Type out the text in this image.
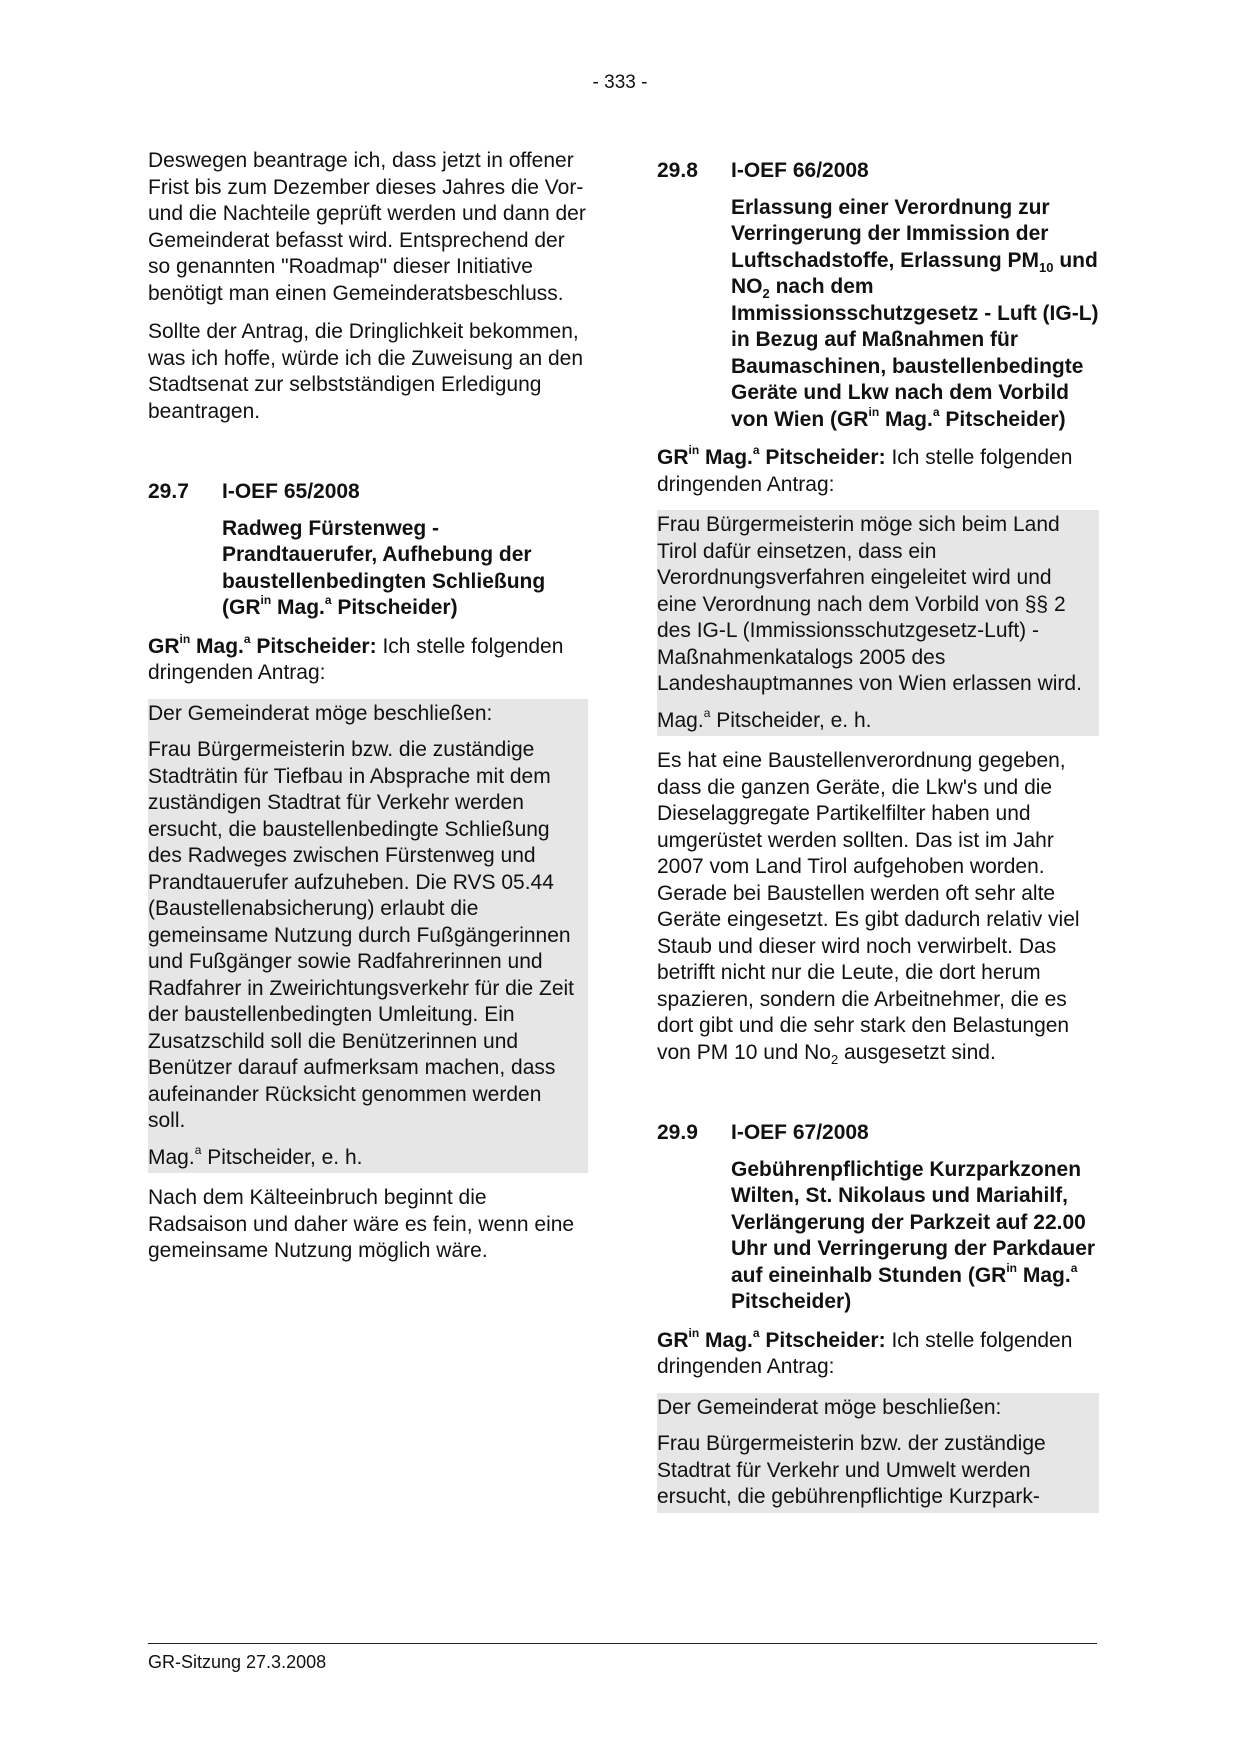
- 333 -

Deswegen beantrage ich, dass jetzt in offener Frist bis zum Dezember dieses Jahres die Vor- und die Nachteile geprüft werden und dann der Gemeinderat befasst wird. Entsprechend der so genannten "Roadmap" dieser Initiative benötigt man einen Gemeinderatsbeschluss.

Sollte der Antrag, die Dringlichkeit bekommen, was ich hoffe, würde ich die Zuweisung an den Stadtsenat zur selbstständigen Erledigung beantragen.

29.7	I-OEF 65/2008
Radweg Fürstenweg - Prandtauerufer, Aufhebung der baustellenbedingten Schließung ($GR^{in}$ Mag.$^a$ Pitscheider)

$GR^{in}$ Mag.$^a$ Pitscheider: Ich stelle folgenden dringenden Antrag:

Der Gemeinderat möge beschließen:

Frau Bürgermeisterin bzw. die zuständige Stadträtin für Tiefbau in Absprache mit dem zuständigen Stadtrat für Verkehr werden ersucht, die baustellenbedingte Schließung des Radweges zwischen Fürstenweg und Prandtauerufer aufzuheben. Die RVS 05.44 (Baustellenabsicherung) erlaubt die gemeinsame Nutzung durch Fußgängerinnen und Fußgänger sowie Radfahrerinnen und Radfahrer in Zweirichtungsverkehr für die Zeit der baustellenbedingten Umleitung. Ein Zusatzschild soll die Benützerinnen und Benützer darauf aufmerksam machen, dass aufeinander Rücksicht genommen werden soll.

Mag.$^a$ Pitscheider, e. h.

Nach dem Kälteeinbruch beginnt die Radsaison und daher wäre es fein, wenn eine gemeinsame Nutzung möglich wäre.

29.8	I-OEF 66/2008
Erlassung einer Verordnung zur Verringerung der Immission der Luftschadstoffe, Erlassung $PM_{10}$ und $NO_2$ nach dem Immissionsschutzgesetz - Luft (IG-L) in Bezug auf Maßnahmen für Baumaschinen, baustellenbedingte Geräte und Lkw nach dem Vorbild von Wien ($GR^{in}$ Mag.$^a$ Pitscheider)

$GR^{in}$ Mag.$^a$ Pitscheider: Ich stelle folgenden dringenden Antrag:

Frau Bürgermeisterin möge sich beim Land Tirol dafür einsetzen, dass ein Verordnungsverfahren eingeleitet wird und eine Verordnung nach dem Vorbild von §§ 2 des IG-L (Immissionsschutzgesetz-Luft) - Maßnahmenkatalogs 2005 des Landeshauptmannes von Wien erlassen wird.

Mag.$^a$ Pitscheider, e. h.

Es hat eine Baustellenverordnung gegeben, dass die ganzen Geräte, die Lkw's und die Dieselaggregate Partikelfilter haben und umgerüstet werden sollten. Das ist im Jahr 2007 vom Land Tirol aufgehoben worden. Gerade bei Baustellen werden oft sehr alte Geräte eingesetzt. Es gibt dadurch relativ viel Staub und dieser wird noch verwirbelt. Das betrifft nicht nur die Leute, die dort herum spazieren, sondern die Arbeitnehmer, die es dort gibt und die sehr stark den Belastungen von PM 10 und $No_2$ ausgesetzt sind.

29.9	I-OEF 67/2008
Gebührenpflichtige Kurzparkzonen Wilten, St. Nikolaus und Mariahilf, Verlängerung der Parkzeit auf 22.00 Uhr und Verringerung der Parkdauer auf eineinhalb Stunden ($GR^{in}$ Mag.$^a$ Pitscheider)

$GR^{in}$ Mag.$^a$ Pitscheider: Ich stelle folgenden dringenden Antrag:

Der Gemeinderat möge beschließen:

Frau Bürgermeisterin bzw. der zuständige Stadtrat für Verkehr und Umwelt werden ersucht, die gebührenpflichtige Kurzpark-

GR-Sitzung 27.3.2008
